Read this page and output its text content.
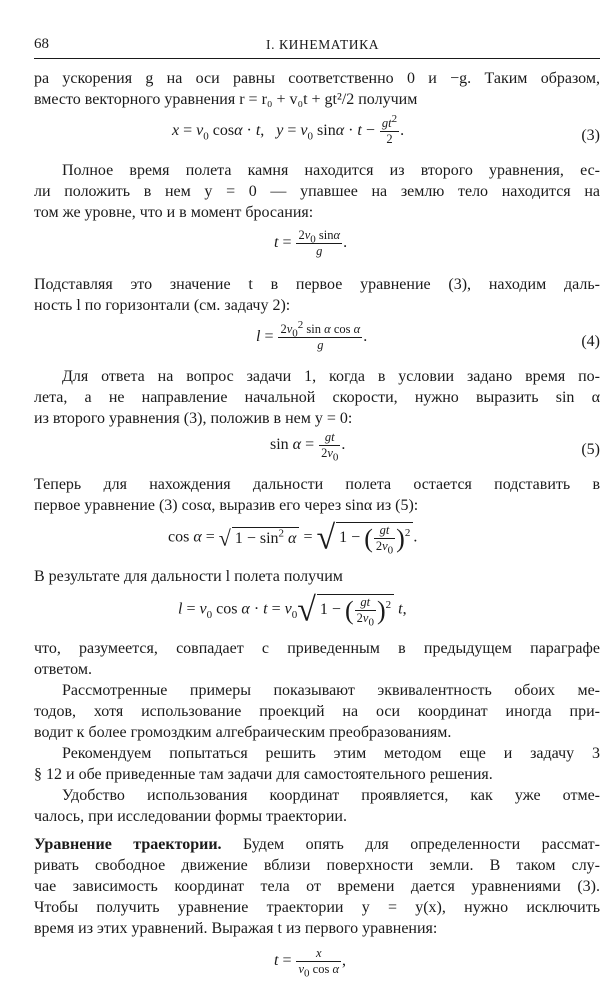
68	I. КИНЕМАТИКА
ра ускорения g на оси равны соответственно 0 и −g. Таким образом,
вместо векторного уравнения r = r₀ + v₀t + gt²/2 получим
$x = v_0$ cosα · t,   $y = v_0$ $\sin\alpha \cdot t - \frac{gt^2}{2}$ .	(3)
Полное время полета камня находится из второго уравнения, ес-
ли положить в нем y = 0 — упавшее на землю тело находится на
том же уровне, что и в момент бросания:
$t = \frac{2v_0 \sin\alpha}{g}$ .
Подставляя это значение t в первое уравнение (3), находим даль-
ность l по горизонтали (см. задачу 2):
$l = \frac{2v_0^2 \sin \alpha \cos \alpha}{g}$ .	(4)
Для ответа на вопрос задачи 1, когда в условии задано время по-
лета, а не направление начальной скорости, нужно выразить sin α
из второго уравнения (3), положив в нем y = 0:
$\sin \alpha = \frac{gt}{2v_0}$ .	(5)
Теперь для нахождения дальности полета остается подставить в
первое уравнение (3) cosα, выразив его через sinα из (5):
cos α = √ $1 - \sin^2 \alpha$ = √ 1 − ( $\frac{gt}{2v_0} )^2$ .
В результате для дальности l полета получим
$l = v_0$ $\cos \alpha \cdot t = v_0√$ 1 − ( $\frac{gt}{2v_0} )^2$ t,
что, разумеется, совпадает с приведенным в предыдущем параграфе
ответом.
Рассмотренные примеры показывают эквивалентность обоих ме-
тодов, хотя использование проекций на оси координат иногда при-
водит к более громоздким алгебраическим преобразованиям.
Рекомендуем попытаться решить этим методом еще и задачу 3
§ 12 и обе приведенные там задачи для самостоятельного решения.
Удобство использования координат проявляется, как уже отме-
чалось, при исследовании формы траектории.
Уравнение траектории. Будем опять для определенности рассмат-
ривать свободное движение вблизи поверхности земли. В таком слу-
чае зависимость координат тела от времени дается уравнениями (3).
Чтобы получить уравнение траектории y = y(x), нужно исключить
время из этих уравнений. Выражая t из первого уравнения:
$t = \frac{x}{v_0 \cos \alpha}$ ,
